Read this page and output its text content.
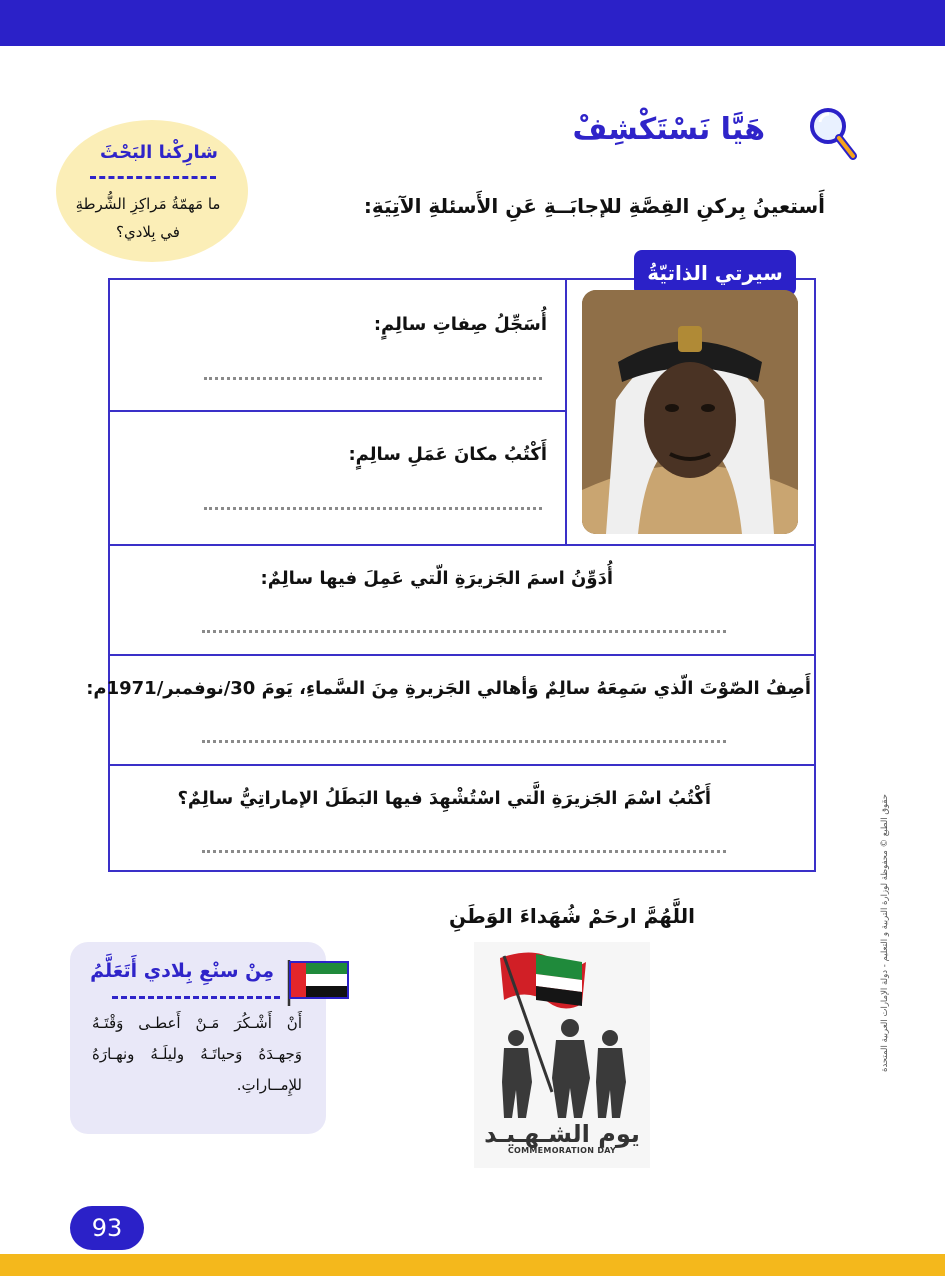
هَيَّا نَسْتَكْشِفْ
أَستعينُ بِركنِ القِصَّةِ للإجابَــةِ عَنِ الأَسئلةِ الآتِيَةِ:
شارِكْنا البَحْثَ
ما مَهمّةُ مَراكِزِ الشُّرطةِ في بِلادي؟
سيرتي الذاتيّةُ
أُسَجِّلُ صِفاتِ سالِمٍ:
أَكْتُبُ مكانَ عَمَلِ سالِمٍ:
أُدَوِّنُ اسمَ الجَزيرَةِ الّتي عَمِلَ فيها سالِمٌ:
أَصِفُ الصّوْتَ الّذي سَمِعَهُ سالِمٌ وَأهالي الجَزيرةِ مِنَ السَّماءِ، يَومَ 30/نوفمبر/1971م:
أَكْتُبُ اسْمَ الجَزيرَةِ الَّتي اسْتُشْهِدَ فيها البَطَلُ الإماراتِيُّ سالِمٌ؟
اللَّهُمَّ ارحَمْ شُهَداءَ الوَطَنِ
يوم الشـهـيـد
COMMEMORATION DAY
مِنْ سنْعِ بِلادي أَتَعَلَّمُ
أَنْ أَشْـكُرَ مَـنْ أَعطـى وَقْتَـهُ وَجهـدَهُ وَحياتَـهُ وليلَـهُ ونهـارَهُ للإِمــاراتِ.
حقوق الطبع © محفوظة لوزارة التربية و التعليم - دولة الإمارات العربية المتحدة
93
